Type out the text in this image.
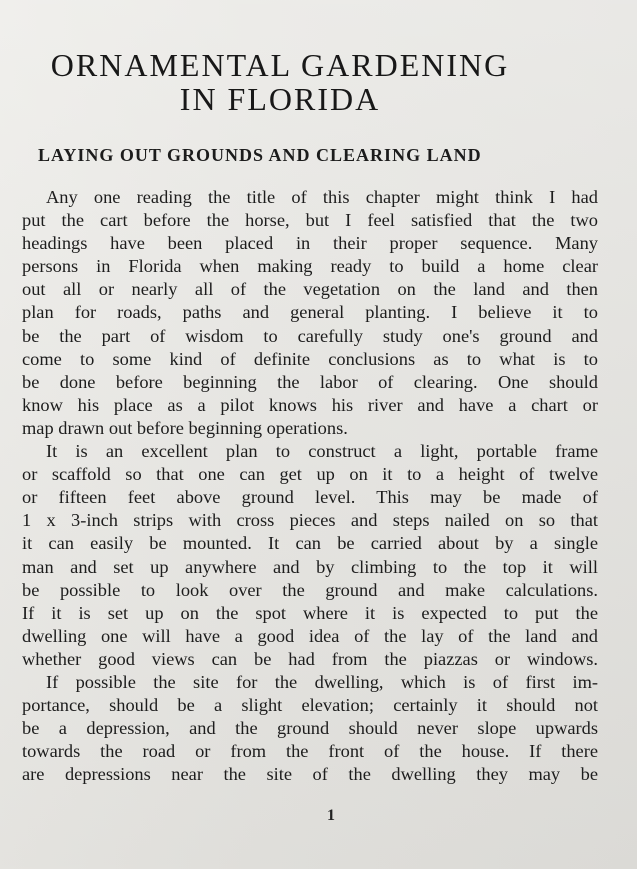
ORNAMENTAL GARDENING
IN FLORIDA
LAYING OUT GROUNDS AND CLEARING LAND
Any one reading the title of this chapter might think I had
put the cart before the horse, but I feel satisfied that the two
headings have been placed in their proper sequence. Many
persons in Florida when making ready to build a home clear
out all or nearly all of the vegetation on the land and then
plan for roads, paths and general planting. I believe it to
be the part of wisdom to carefully study one's ground and
come to some kind of definite conclusions as to what is to
be done before beginning the labor of clearing. One should
know his place as a pilot knows his river and have a chart or
map drawn out before beginning operations.
It is an excellent plan to construct a light, portable frame
or scaffold so that one can get up on it to a height of twelve
or fifteen feet above ground level. This may be made of
1 x 3-inch strips with cross pieces and steps nailed on so that
it can easily be mounted. It can be carried about by a single
man and set up anywhere and by climbing to the top it will
be possible to look over the ground and make calculations.
If it is set up on the spot where it is expected to put the
dwelling one will have a good idea of the lay of the land and
whether good views can be had from the piazzas or windows.
If possible the site for the dwelling, which is of first im-
portance, should be a slight elevation; certainly it should not
be a depression, and the ground should never slope upwards
towards the road or from the front of the house. If there
are depressions near the site of the dwelling they may be
1
